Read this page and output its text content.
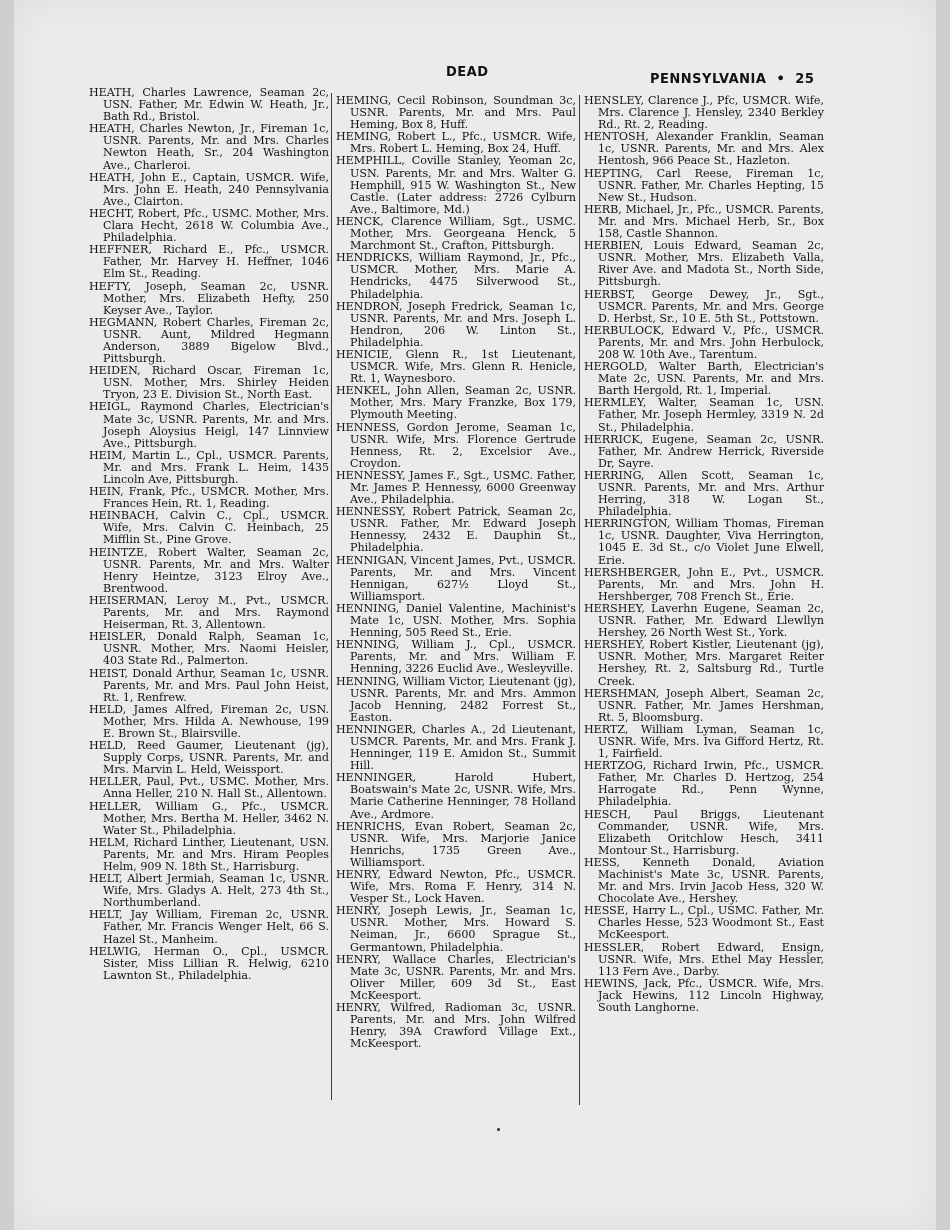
DEAD	PENNSYLVANIA • 25

HEATH, Charles Lawrence, Seaman 2c, USN. Father, Mr. Edwin W. Heath, Jr., Bath Rd., Bristol.

HEATH, Charles Newton, Jr., Fireman 1c, USNR. Parents, Mr. and Mrs. Charles Newton Heath, Sr., 204 Washington Ave., Charleroi.

HEATH, John E., Captain, USMCR. Wife, Mrs. John E. Heath, 240 Pennsylvania Ave., Clairton.

HECHT, Robert, Pfc., USMC. Mother, Mrs. Clara Hecht, 2618 W. Columbia Ave., Philadelphia.

HEFFNER, Richard E., Pfc., USMCR. Father, Mr. Harvey H. Heffner, 1046 Elm St., Reading.

HEFTY, Joseph, Seaman 2c, USNR. Mother, Mrs. Elizabeth Hefty, 250 Keyser Ave., Taylor.

HEGMANN, Robert Charles, Fireman 2c, USNR. Aunt, Mildred Hegmann Anderson, 3889 Bigelow Blvd., Pittsburgh.

HEIDEN, Richard Oscar, Fireman 1c, USN. Mother, Mrs. Shirley Heiden Tryon, 23 E. Division St., North East.

HEIGL, Raymond Charles, Electrician's Mate 3c, USNR. Parents, Mr. and Mrs. Joseph Aloysius Heigl, 147 Linnview Ave., Pittsburgh.

HEIM, Martin L., Cpl., USMCR. Parents, Mr. and Mrs. Frank L. Heim, 1435 Lincoln Ave, Pittsburgh.

HEIN, Frank, Pfc., USMCR. Mother, Mrs. Frances Hein, Rt. 1, Reading.

HEINBACH, Calvin C., Cpl., USMCR. Wife, Mrs. Calvin C. Heinbach, 25 Mifflin St., Pine Grove.

HEINTZE, Robert Walter, Seaman 2c, USNR. Parents, Mr. and Mrs. Walter Henry Heintze, 3123 Elroy Ave., Brentwood.

HEISERMAN, Leroy M., Pvt., USMCR. Parents, Mr. and Mrs. Raymond Heiserman, Rt. 3, Allentown.

HEISLER, Donald Ralph, Seaman 1c, USNR. Mother, Mrs. Naomi Heisler, 403 State Rd., Palmerton.

HEIST, Donald Arthur, Seaman 1c, USNR. Parents, Mr. and Mrs. Paul John Heist, Rt. 1, Renfrew.

HELD, James Alfred, Fireman 2c, USN. Mother, Mrs. Hilda A. Newhouse, 199 E. Brown St., Blairsville.

HELD, Reed Gaumer, Lieutenant (jg), Supply Corps, USNR. Parents, Mr. and Mrs. Marvin L. Held, Weissport.

HELLER, Paul, Pvt., USMC. Mother, Mrs. Anna Heller, 210 N. Hall St., Allentown.

HELLER, William G., Pfc., USMCR. Mother, Mrs. Bertha M. Heller, 3462 N. Water St., Philadelphia.

HELM, Richard Linther, Lieutenant, USN. Parents, Mr. and Mrs. Hiram Peoples Helm, 909 N. 18th St., Harrisburg.

HELT, Albert Jermiah, Seaman 1c, USNR. Wife, Mrs. Gladys A. Helt, 273 4th St., Northumberland.

HELT, Jay William, Fireman 2c, USNR. Father, Mr. Francis Wenger Helt, 66 S. Hazel St., Manheim.

HELWIG, Herman O., Cpl., USMCR. Sister, Miss Lillian R. Helwig, 6210 Lawnton St., Philadelphia.

HEMING, Cecil Robinson, Soundman 3c, USNR. Parents, Mr. and Mrs. Paul Heming, Box 8, Huff.

HEMING, Robert L., Pfc., USMCR. Wife, Mrs. Robert L. Heming, Box 24, Huff.

HEMPHILL, Coville Stanley, Yeoman 2c, USN. Parents, Mr. and Mrs. Walter G. Hemphill, 915 W. Washington St., New Castle. (Later address: 2726 Cylburn Ave., Baltimore, Md.)

HENCK, Clarence William, Sgt., USMC. Mother, Mrs. Georgeana Henck, 5 Marchmont St., Crafton, Pittsburgh.

HENDRICKS, William Raymond, Jr., Pfc., USMCR. Mother, Mrs. Marie A. Hendricks, 4475 Silverwood St., Philadelphia.

HENDRON, Joseph Fredrick, Seaman 1c, USNR. Parents, Mr. and Mrs. Joseph L. Hendron, 206 W. Linton St., Philadelphia.

HENICIE, Glenn R., 1st Lieutenant, USMCR. Wife, Mrs. Glenn R. Henicle, Rt. 1, Waynesboro.

HENKEL, John Allen, Seaman 2c, USNR. Mother, Mrs. Mary Franzke, Box 179, Plymouth Meeting.

HENNESS, Gordon Jerome, Seaman 1c, USNR. Wife, Mrs. Florence Gertrude Henness, Rt. 2, Excelsior Ave., Croydon.

HENNESSY, James F., Sgt., USMC. Father, Mr. James P. Hennessy, 6000 Greenway Ave., Philadelphia.

HENNESSY, Robert Patrick, Seaman 2c, USNR. Father, Mr. Edward Joseph Hennessy, 2432 E. Dauphin St., Philadelphia.

HENNIGAN, Vincent James, Pvt., USMCR. Parents, Mr. and Mrs. Vincent Hennigan, 627½ Lloyd St., Williamsport.

HENNING, Daniel Valentine, Machinist's Mate 1c, USN. Mother, Mrs. Sophia Henning, 505 Reed St., Erie.

HENNING, William J., Cpl., USMCR. Parents, Mr. and Mrs. William F. Henning, 3226 Euclid Ave., Wesleyville.

HENNING, William Victor, Lieutenant (jg), USNR. Parents, Mr. and Mrs. Ammon Jacob Henning, 2482 Forrest St., Easton.

HENNINGER, Charles A., 2d Lieutenant, USMCR. Parents, Mr. and Mrs. Frank J. Henninger, 119 E. Amidon St., Summit Hill.

HENNINGER, Harold Hubert, Boatswain's Mate 2c, USNR. Wife, Mrs. Marie Catherine Henninger, 78 Holland Ave., Ardmore.

HENRICHS, Evan Robert, Seaman 2c, USNR. Wife, Mrs. Marjorie Janice Henrichs, 1735 Green Ave., Williamsport.

HENRY, Edward Newton, Pfc., USMCR. Wife, Mrs. Roma F. Henry, 314 N. Vesper St., Lock Haven.

HENRY, Joseph Lewis, Jr., Seaman 1c, USNR. Mother, Mrs. Howard S. Neiman, Jr., 6600 Sprague St., Germantown, Philadelphia.

HENRY, Wallace Charles, Electrician's Mate 3c, USNR. Parents, Mr. and Mrs. Oliver Miller, 609 3d St., East McKeesport.

HENRY, Wilfred, Radioman 3c, USNR. Parents, Mr. and Mrs. John Wilfred Henry, 39A Crawford Village Ext., McKeesport.

HENSLEY, Clarence J., Pfc, USMCR. Wife, Mrs. Clarence J. Hensley, 2340 Berkley Rd., Rt. 2, Reading.

HENTOSH, Alexander Franklin, Seaman 1c, USNR. Parents, Mr. and Mrs. Alex Hentosh, 966 Peace St., Hazleton.

HEPTING, Carl Reese, Fireman 1c, USNR. Father, Mr. Charles Hepting, 15 New St., Hudson.

HERB, Michael, Jr., Pfc., USMCR. Parents, Mr. and Mrs. Michael Herb, Sr., Box 158, Castle Shannon.

HERBIEN, Louis Edward, Seaman 2c, USNR. Mother, Mrs. Elizabeth Valla, River Ave. and Madota St., North Side, Pittsburgh.

HERBST, George Dewey, Jr., Sgt., USMCR. Parents, Mr. and Mrs. George D. Herbst, Sr., 10 E. 5th St., Pottstown.

HERBULOCK, Edward V., Pfc., USMCR. Parents, Mr. and Mrs. John Herbulock, 208 W. 10th Ave., Tarentum.

HERGOLD, Walter Barth, Electrician's Mate 2c, USN. Parents, Mr. and Mrs. Barth Hergold, Rt. 1, Imperial.

HERMLEY, Walter, Seaman 1c, USN. Father, Mr. Joseph Hermley, 3319 N. 2d St., Philadelphia.

HERRICK, Eugene, Seaman 2c, USNR. Father, Mr. Andrew Herrick, Riverside Dr, Sayre.

HERRING, Allen Scott, Seaman 1c, USNR. Parents, Mr. and Mrs. Arthur Herring, 318 W. Logan St., Philadelphia.

HERRINGTON, William Thomas, Fireman 1c, USNR. Daughter, Viva Herrington, 1045 E. 3d St., c/o Violet June Elwell, Erie.

HERSHBERGER, John E., Pvt., USMCR. Parents, Mr. and Mrs. John H. Hershberger, 708 French St., Erie.

HERSHEY, Laverhn Eugene, Seaman 2c, USNR. Father, Mr. Edward Llewllyn Hershey, 26 North West St., York.

HERSHEY, Robert Kistler, Lieutenant (jg), USNR. Mother, Mrs. Margaret Reiter Hershey, Rt. 2, Saltsburg Rd., Turtle Creek.

HERSHMAN, Joseph Albert, Seaman 2c, USNR. Father, Mr. James Hershman, Rt. 5, Bloomsburg.

HERTZ, William Lyman, Seaman 1c, USNR. Wife, Mrs. Iva Gifford Hertz, Rt. 1, Fairfield.

HERTZOG, Richard Irwin, Pfc., USMCR. Father, Mr. Charles D. Hertzog, 254 Harrogate Rd., Penn Wynne, Philadelphia.

HESCH, Paul Briggs, Lieutenant Commander, USNR. Wife, Mrs. Elizabeth Oritchlow Hesch, 3411 Montour St., Harrisburg.

HESS, Kenneth Donald, Aviation Machinist's Mate 3c, USNR. Parents, Mr. and Mrs. Irvin Jacob Hess, 320 W. Chocolate Ave., Hershey.

HESSE, Harry L., Cpl., USMC. Father, Mr. Charles Hesse, 523 Woodmont St., East McKeesport.

HESSLER, Robert Edward, Ensign, USNR. Wife, Mrs. Ethel May Hessler, 113 Fern Ave., Darby.

HEWINS, Jack, Pfc., USMCR. Wife, Mrs. Jack Hewins, 112 Lincoln Highway, South Langhorne.
